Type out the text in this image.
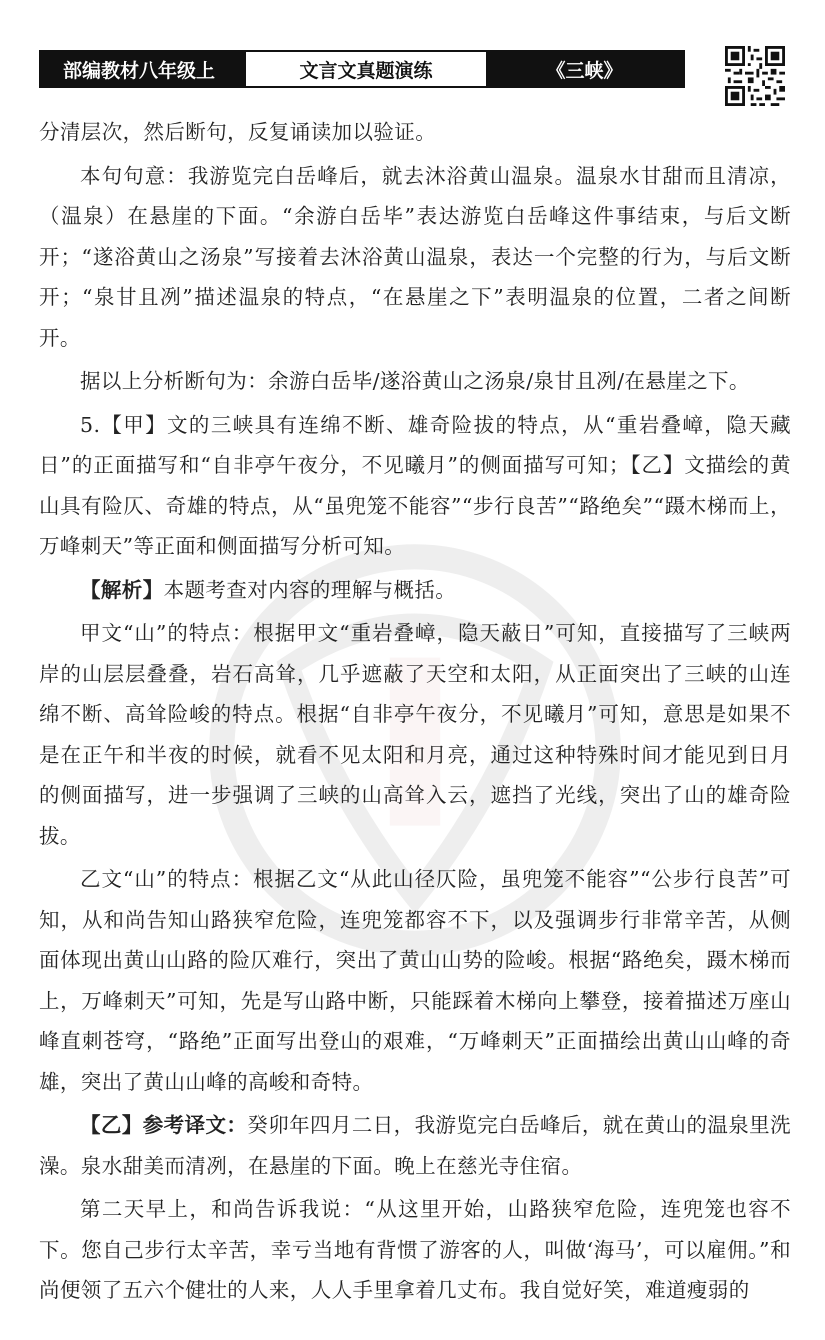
部编教材八年级上	文言文真题演练	《三峡》

分清层次，然后断句，反复诵读加以验证。

本句句意：我游览完白岳峰后，就去沐浴黄山温泉。温泉水甘甜而且清凉，（温泉）在悬崖的下面。“余游白岳毕”表达游览白岳峰这件事结束，与后文断开；“遂浴黄山之汤泉”写接着去沐浴黄山温泉，表达一个完整的行为，与后文断开；“泉甘且冽”描述温泉的特点，“在悬崖之下”表明温泉的位置，二者之间断开。

据以上分析断句为：余游白岳毕/遂浴黄山之汤泉/泉甘且冽/在悬崖之下。

5.【甲】文的三峡具有连绵不断、雄奇险拔的特点，从“重岩叠嶂，隐天藏日”的正面描写和“自非亭午夜分，不见曦月”的侧面描写可知；【乙】文描绘的黄山具有险仄、奇雄的特点，从“虽兜笼不能容”“步行良苦”“路绝矣”“蹑木梯而上，万峰刺天”等正面和侧面描写分析可知。

【解析】本题考查对内容的理解与概括。

甲文“山”的特点：根据甲文“重岩叠嶂，隐天蔽日”可知，直接描写了三峡两岸的山层层叠叠，岩石高耸，几乎遮蔽了天空和太阳，从正面突出了三峡的山连绵不断、高耸险峻的特点。根据“自非亭午夜分，不见曦月”可知，意思是如果不是在正午和半夜的时候，就看不见太阳和月亮，通过这种特殊时间才能见到日月的侧面描写，进一步强调了三峡的山高耸入云，遮挡了光线，突出了山的雄奇险拔。

乙文“山”的特点：根据乙文“从此山径仄险，虽兜笼不能容”“公步行良苦”可知，从和尚告知山路狭窄危险，连兜笼都容不下，以及强调步行非常辛苦，从侧面体现出黄山山路的险仄难行，突出了黄山山势的险峻。根据“路绝矣，蹑木梯而上，万峰刺天”可知，先是写山路中断，只能踩着木梯向上攀登，接着描述万座山峰直刺苍穹，“路绝”正面写出登山的艰难，“万峰刺天”正面描绘出黄山山峰的奇雄，突出了黄山山峰的高峻和奇特。

【乙】参考译文：癸卯年四月二日，我游览完白岳峰后，就在黄山的温泉里洗澡。泉水甜美而清冽，在悬崖的下面。晚上在慈光寺住宿。

第二天早上，和尚告诉我说：“从这里开始，山路狭窄危险，连兜笼也容不下。您自己步行太辛苦，幸亏当地有背惯了游客的人，叫做‘海马’，可以雇佣。”和尚便领了五六个健壮的人来，人人手里拿着几丈布。我自觉好笑，难道瘦弱的
